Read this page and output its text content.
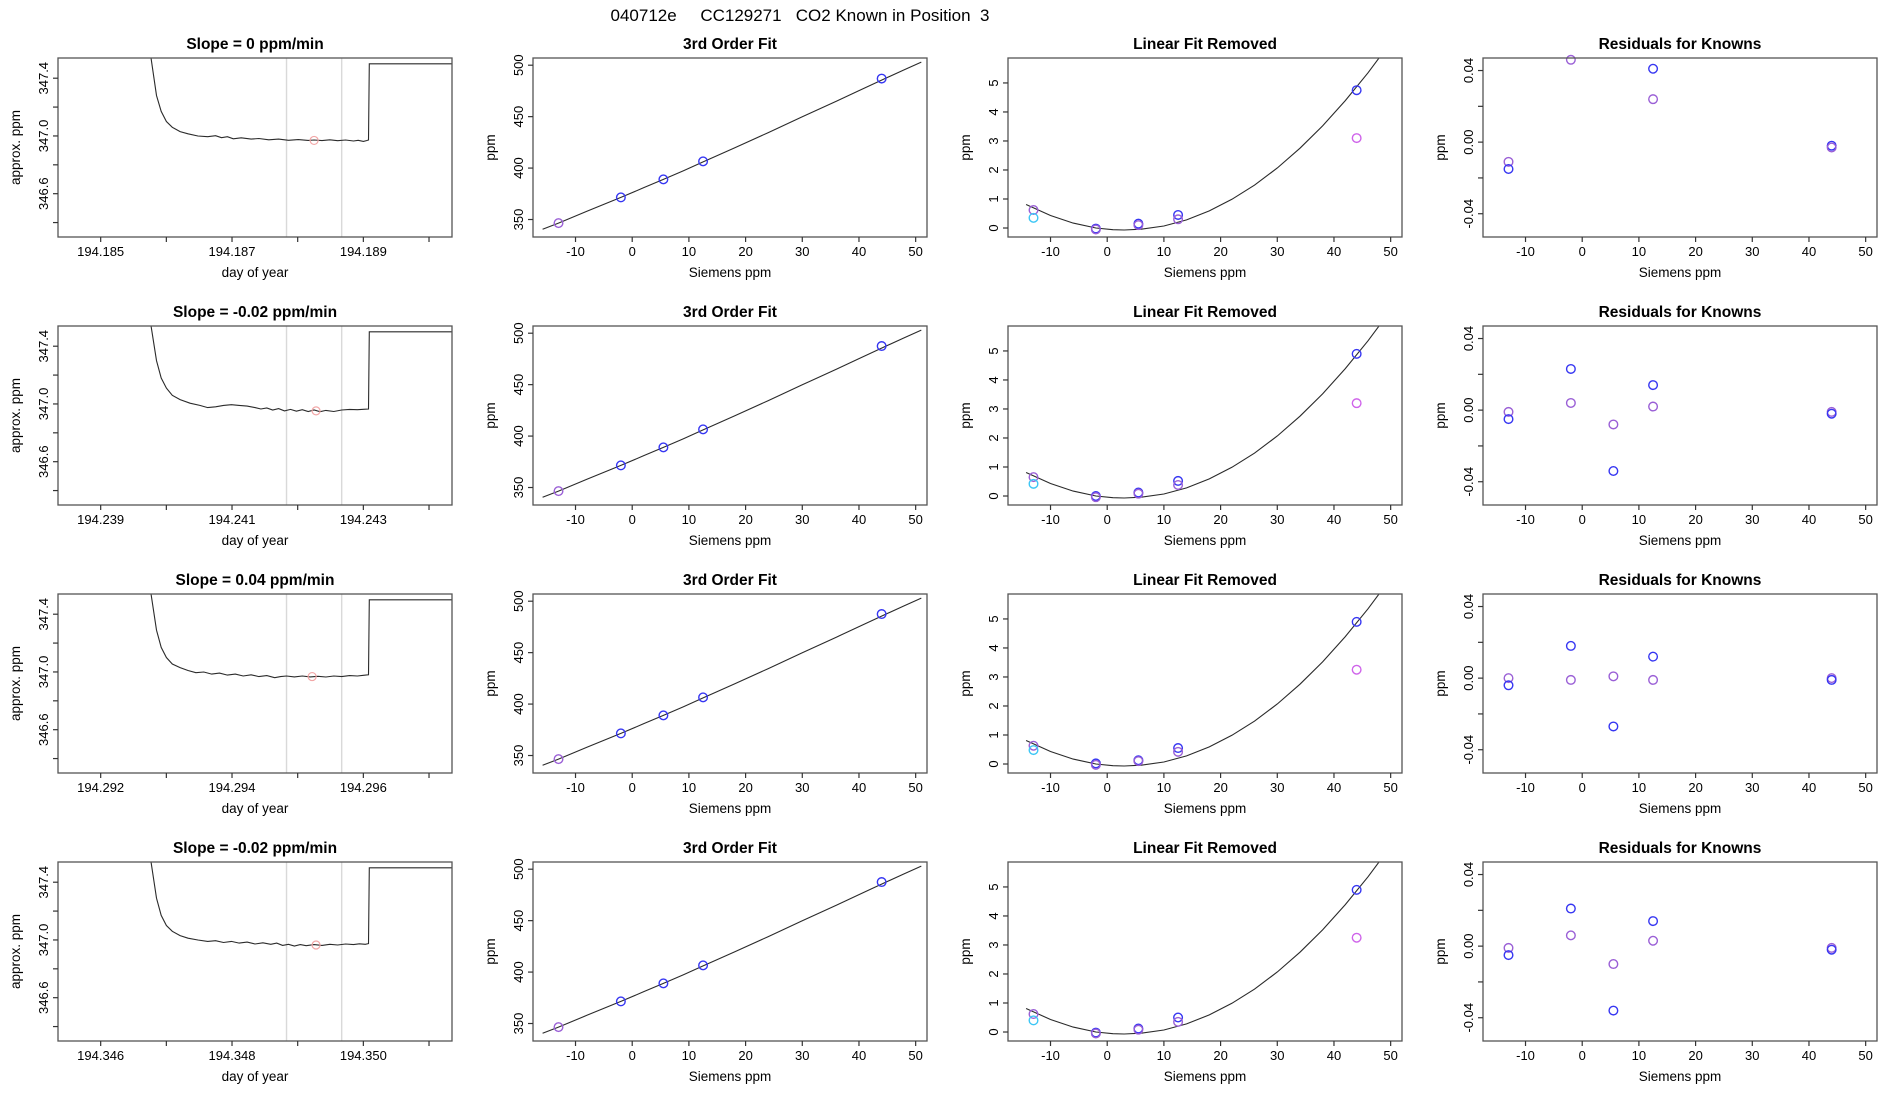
040712e     CC129271   CO2 Known in Position  3
194.185	194.187	194.189
346.6
347.0
347.4
day of year
approx. ppm
Slope = 0 ppm/min
-10	0	10	20	30	40	50
350
400
450
500
Siemens ppm
ppm
3rd Order Fit
-10	0	10	20	30	40	50
0
1
2
3
4
5
Siemens ppm
ppm
Linear Fit Removed
-10	0	10	20	30	40	50
-0.04
0.00
0.04
Siemens ppm
ppm
Residuals for Knowns
194.239	194.241	194.243
346.6
347.0
347.4
day of year
approx. ppm
Slope = -0.02 ppm/min
-10	0	10	20	30	40	50
350
400
450
500
Siemens ppm
ppm
3rd Order Fit
-10	0	10	20	30	40	50
0
1
2
3
4
5
Siemens ppm
ppm
Linear Fit Removed
-10	0	10	20	30	40	50
-0.04
0.00
0.04
Siemens ppm
ppm
Residuals for Knowns
194.292	194.294	194.296
346.6
347.0
347.4
day of year
approx. ppm
Slope = 0.04 ppm/min
-10	0	10	20	30	40	50
350
400
450
500
Siemens ppm
ppm
3rd Order Fit
-10	0	10	20	30	40	50
0
1
2
3
4
5
Siemens ppm
ppm
Linear Fit Removed
-10	0	10	20	30	40	50
-0.04
0.00
0.04
Siemens ppm
ppm
Residuals for Knowns
194.346	194.348	194.350
346.6
347.0
347.4
day of year
approx. ppm
Slope = -0.02 ppm/min
-10	0	10	20	30	40	50
350
400
450
500
Siemens ppm
ppm
3rd Order Fit
-10	0	10	20	30	40	50
0
1
2
3
4
5
Siemens ppm
ppm
Linear Fit Removed
-10	0	10	20	30	40	50
-0.04
0.00
0.04
Siemens ppm
ppm
Residuals for Knowns
